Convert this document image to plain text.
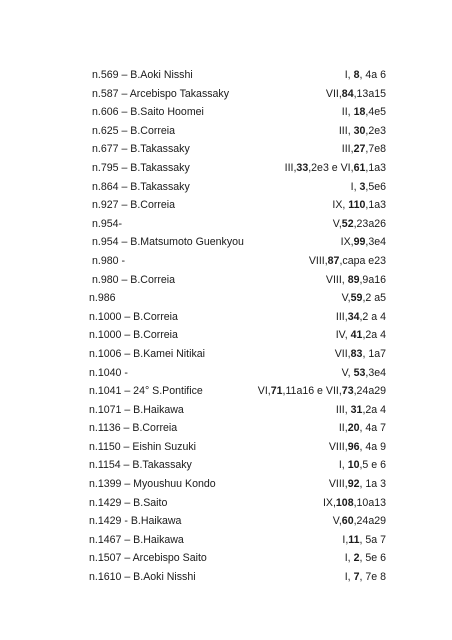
n.569 – B.Aoki Nisshi	I, 8, 4a 6
n.587 – Arcebispo Takassaky	VII,84,13a15
n.606 – B.Saito Hoomei	II, 18,4e5
n.625 – B.Correia	III, 30,2e3
n.677 – B.Takassaky	III,27,7e8
n.795 – B.Takassaky	III,33,2e3 e VI,61,1a3
n.864 – B.Takassaky	I, 3,5e6
n.927 – B.Correia	IX, 110,1a3
n.954-	V,52,23a26
n.954 – B.Matsumoto Guenkyou	IX,99,3e4
n.980 -	VIII,87,capa e23
n.980 – B.Correia	VIII, 89,9a16
n.986	V,59,2 a5
n.1000 – B.Correia	III,34,2 a 4
n.1000 – B.Correia	IV, 41,2a 4
n.1006 – B.Kamei Nitikai	VII,83, 1a7
n.1040 -	V, 53,3e4
n.1041 – 24° S.Pontifice	VI,71,11a16 e VII,73,24a29
n.1071 – B.Haikawa	III, 31,2a 4
n.1136 – B.Correia	II,20, 4a 7
n.1150 – Eishin Suzuki	VIII,96, 4a 9
n.1154 – B.Takassaky	I, 10,5 e 6
n.1399 – Myoushuu Kondo	VIII,92, 1a 3
n.1429 – B.Saito	IX,108,10a13
n.1429 - B.Haikawa	V,60,24a29
n.1467 – B.Haikawa	I,11, 5a 7
n.1507 – Arcebispo Saito	I, 2, 5e 6
n.1610 – B.Aoki Nisshi	I, 7, 7e 8
